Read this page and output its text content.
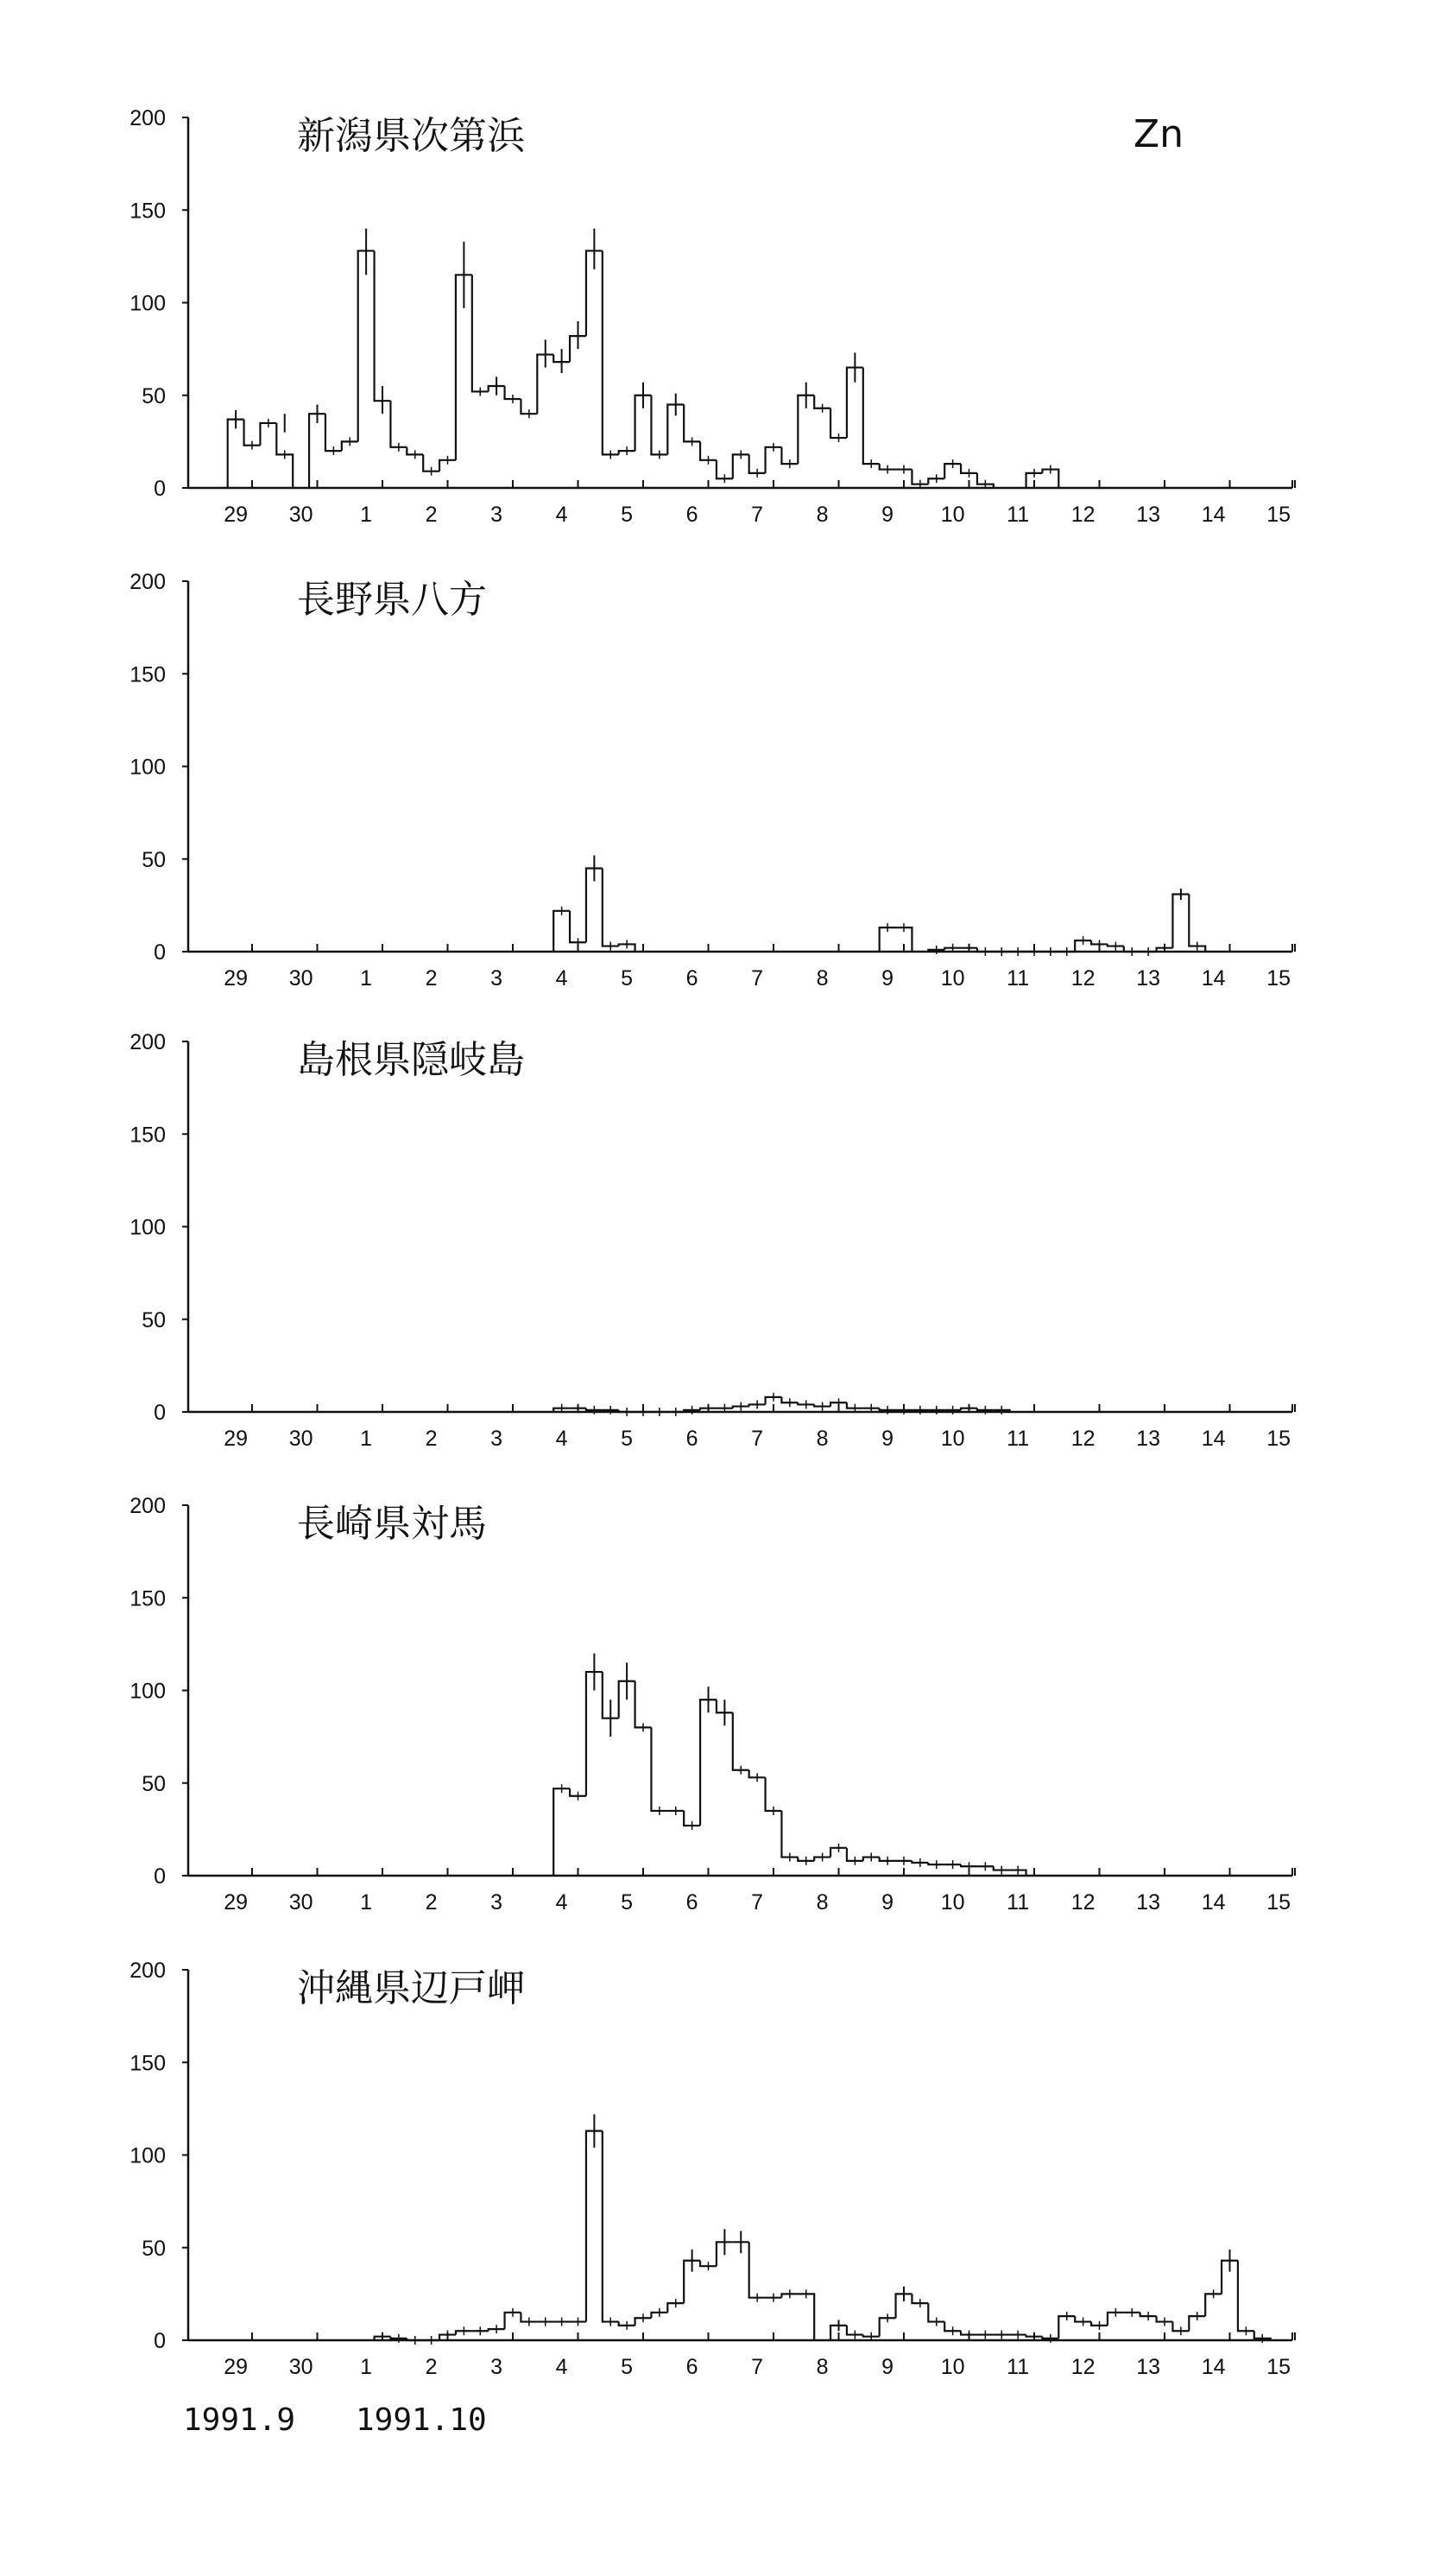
Zn
新潟県次第浜
0
50
100
150
200
29 30 1 2 3 4 5 6 7 8 9 10 11 12 13 14 15
長野県八方
0
50
100
150
200
29 30 1 2 3 4 5 6 7 8 9 10 11 12 13 14 15
島根県隠岐島
0
50
100
150
200
29 30 1 2 3 4 5 6 7 8 9 10 11 12 13 14 15
長崎県対馬
0
50
100
150
200
29 30 1 2 3 4 5 6 7 8 9 10 11 12 13 14 15
沖縄県辺戸岬
0
50
100
150
200
29 30 1 2 3 4 5 6 7 8 9 10 11 12 13 14 15
1991.9 1991.10
